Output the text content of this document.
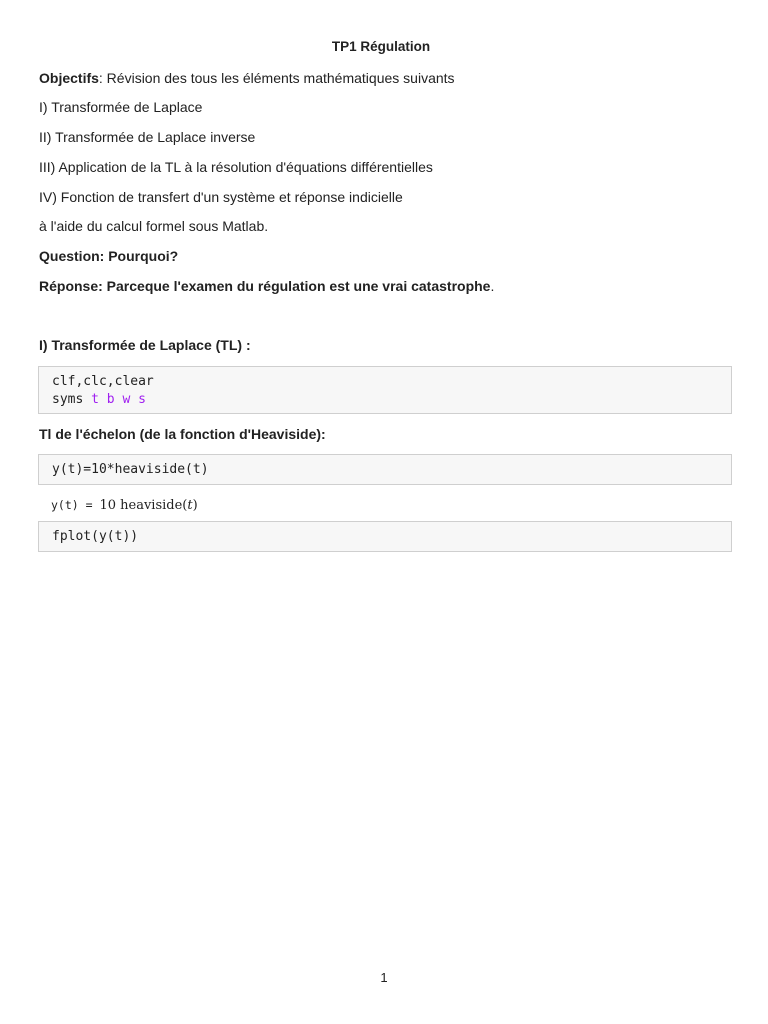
TP1 Régulation
Objectifs: Révision des tous les éléments mathématiques suivants
I) Transformée de Laplace
II) Transformée de Laplace inverse
III) Application de la TL à la résolution d'équations différentielles
IV) Fonction de transfert d'un système et réponse indicielle
à l'aide du calcul formel sous Matlab.
Question: Pourquoi?
Réponse: Parceque l'examen du régulation est une vrai catastrophe.
I) Transformée de Laplace (TL) :
clf,clc,clear
syms t b w s
Tl de l'échelon (de la fonction d'Heaviside):
y(t)=10*heaviside(t)
y(t) = 10 heaviside(t)
fplot(y(t))
1
